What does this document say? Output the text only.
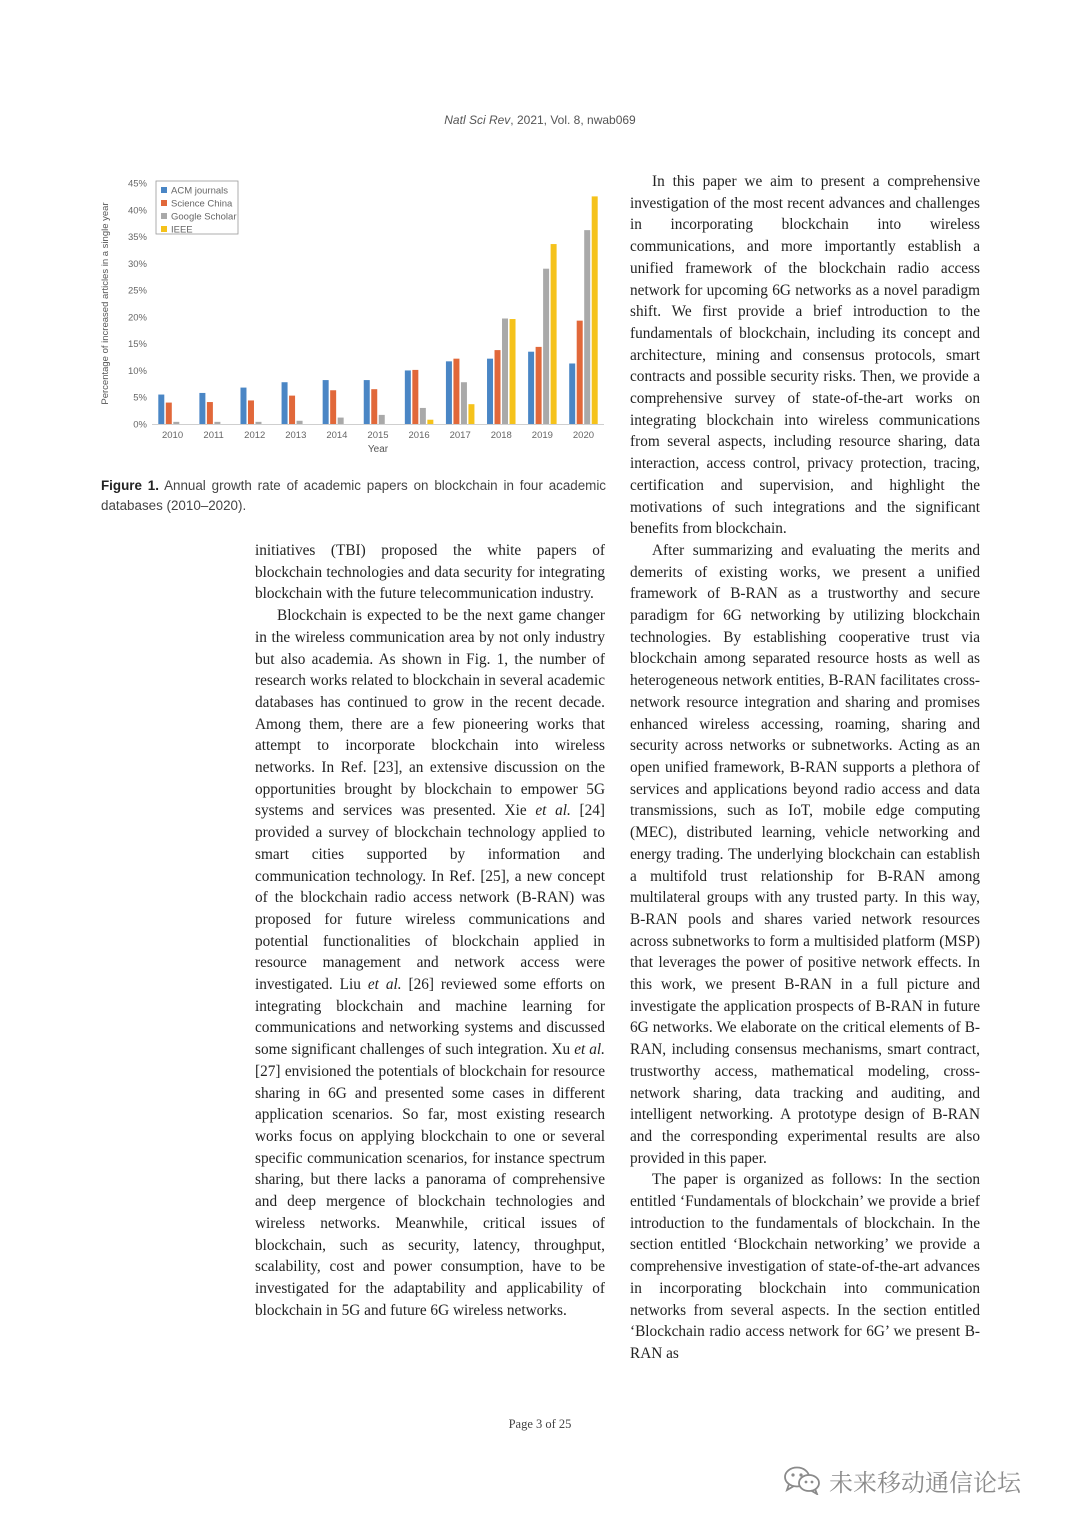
Natl Sci Rev, 2021, Vol. 8, nwab069
0%
5%
10%
15%
20%
25%
30%
35%
40%
45%
2010 2011 2012 2013 2014 2015 2016 2017 2018 2019 2020
Year
Percentage of increased articles in a single year
ACM journals
Science China
Google Scholar
IEEE

Figure 1. Annual growth rate of academic papers on blockchain in four academic databases (2010–2020).

initiatives (TBI) proposed the white papers of blockchain technologies and data security for integrating blockchain with the future telecommunication industry.

Blockchain is expected to be the next game changer in the wireless communication area by not only industry but also academia. As shown in Fig. 1, the number of research works related to blockchain in several academic databases has continued to grow in the recent decade. Among them, there are a few pioneering works that attempt to incorporate blockchain into wireless networks. In Ref. [23], an extensive discussion on the opportunities brought by blockchain to empower 5G systems and services was presented. Xie et al. [24] provided a survey of blockchain technology applied to smart cities supported by information and communication technology. In Ref. [25], a new concept of the blockchain radio access network (B-RAN) was proposed for future wireless communications and potential functionalities of blockchain applied in resource management and network access were investigated. Liu et al. [26] reviewed some efforts on integrating blockchain and machine learning for communications and networking systems and discussed some significant challenges of such integration. Xu et al. [27] envisioned the potentials of blockchain for resource sharing in 6G and presented some cases in different application scenarios. So far, most existing research works focus on applying blockchain to one or several specific communication scenarios, for instance spectrum sharing, but there lacks a panorama of comprehensive and deep mergence of blockchain technologies and wireless networks. Meanwhile, critical issues of blockchain, such as security, latency, throughput, scalability, cost and power consumption, have to be investigated for the adaptability and applicability of blockchain in 5G and future 6G wireless networks.

In this paper we aim to present a comprehensive investigation of the most recent advances and challenges in incorporating blockchain into wireless communications, and more importantly establish a unified framework of the blockchain radio access network for upcoming 6G networks as a novel paradigm shift. We first provide a brief introduction to the fundamentals of blockchain, including its concept and architecture, mining and consensus protocols, smart contracts and possible security risks. Then, we provide a comprehensive survey of state-of-the-art works on integrating blockchain into wireless communications from several aspects, including resource sharing, data interaction, access control, privacy protection, tracing, certification and supervision, and highlight the motivations of such integrations and the significant benefits from blockchain.

After summarizing and evaluating the merits and demerits of existing works, we present a unified framework of B-RAN as a trustworthy and secure paradigm for 6G networking by utilizing blockchain technologies. By establishing cooperative trust via blockchain among separated resource hosts as well as heterogeneous network entities, B-RAN facilitates cross-network resource integration and sharing and promises enhanced wireless accessing, roaming, sharing and security across networks or subnetworks. Acting as an open unified framework, B-RAN supports a plethora of services and applications beyond radio access and data transmissions, such as IoT, mobile edge computing (MEC), distributed learning, vehicle networking and energy trading. The underlying blockchain can establish a multifold trust relationship for B-RAN among multilateral groups with any trusted party. In this way, B-RAN pools and shares varied network resources across subnetworks to form a multisided platform (MSP) that leverages the power of positive network effects. In this work, we present B-RAN in a full picture and investigate the application prospects of B-RAN in future 6G networks. We elaborate on the critical elements of B-RAN, including consensus mechanisms, smart contract, trustworthy access, mathematical modeling, cross-network sharing, data tracking and auditing, and intelligent networking. A prototype design of B-RAN and the corresponding experimental results are also provided in this paper.

The paper is organized as follows: In the section entitled ‘Fundamentals of blockchain’ we provide a brief introduction to the fundamentals of blockchain. In the section entitled ‘Blockchain networking’ we provide a comprehensive investigation of state-of-the-art advances in incorporating blockchain into communication networks from several aspects. In the section entitled ‘Blockchain radio access network for 6G’ we present B-RAN as

Page 3 of 25
未来移动通信论坛
